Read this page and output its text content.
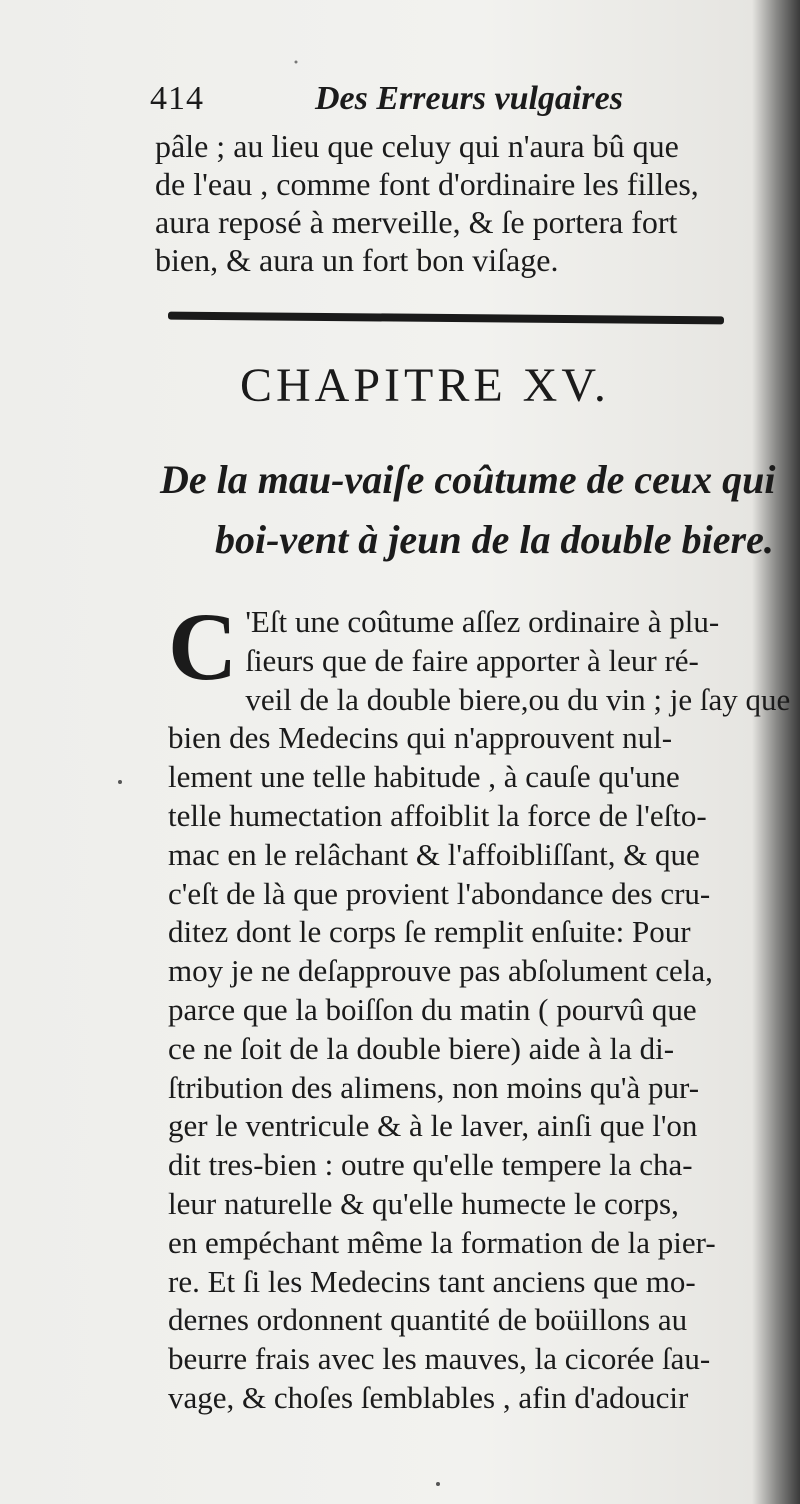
414	Des Erreurs vulgaires
pâle ; au lieu que celuy qui n'aura bû que
de l'eau , comme font d'ordinaire les filles,
aura reposé à merveille, & ſe portera fort
bien, & aura un fort bon viſage.
CHAPITRE XV.
De la mau-vaiſe coûtume de ceux qui
boi-vent à jeun de la double biere.
C 'Eſt une coûtume aſſez ordinaire à plu-
ſieurs que de faire apporter à leur ré-
veil de la double biere,ou du vin ; je ſay que
bien des Medecins qui n'approuvent nul-
lement une telle habitude , à cauſe qu'une
telle humectation affoiblit la force de l'eſto-
mac en le relâchant & l'affoibliſſant, & que
c'eſt de là que provient l'abondance des cru-
ditez dont le corps ſe remplit enſuite: Pour
moy je ne deſapprouve pas abſolument cela,
parce que la boiſſon du matin ( pourvû que
ce ne ſoit de la double biere) aide à la di-
ſtribution des alimens, non moins qu'à pur-
ger le ventricule & à le laver, ainſi que l'on
dit tres-bien : outre qu'elle tempere la cha-
leur naturelle & qu'elle humecte le corps,
en empéchant même la formation de la pier-
re. Et ſi les Medecins tant anciens que mo-
dernes ordonnent quantité de boüillons au
beurre frais avec les mauves, la cicorée ſau-
vage, & choſes ſemblables , afin d'adoucir
